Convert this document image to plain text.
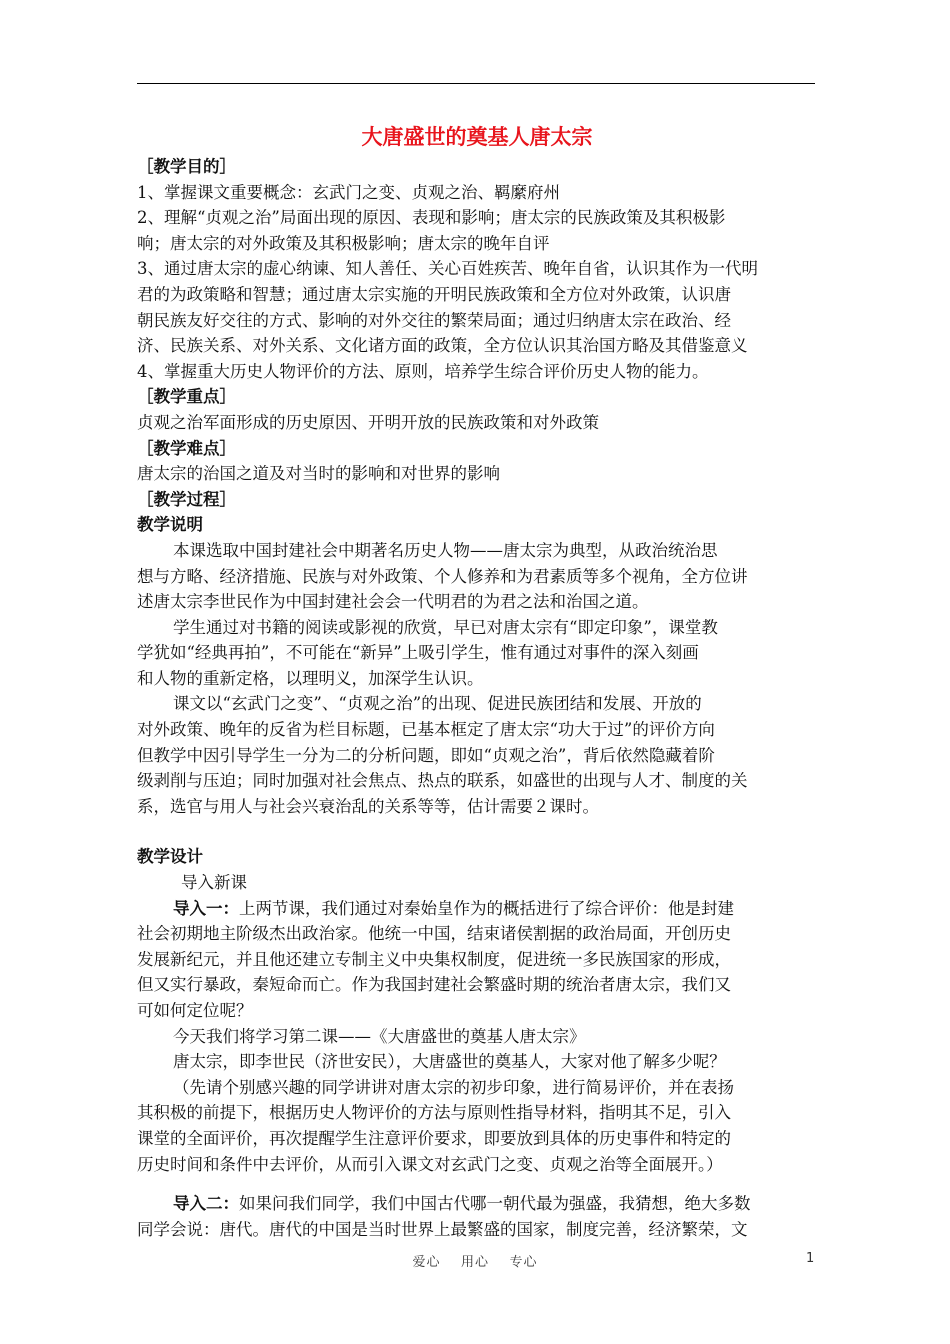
大唐盛世的奠基人唐太宗
［教学目的］
1、掌握课文重要概念：玄武门之变、贞观之治、羁縻府州
2、理解“贞观之治”局面出现的原因、表现和影响；唐太宗的民族政策及其积极影
响；唐太宗的对外政策及其积极影响；唐太宗的晚年自评
3、通过唐太宗的虚心纳谏、知人善任、关心百姓疾苦、晚年自省，认识其作为一代明
君的为政策略和智慧；通过唐太宗实施的开明民族政策和全方位对外政策，认识唐
朝民族友好交往的方式、影响的对外交往的繁荣局面；通过归纳唐太宗在政治、经
济、民族关系、对外关系、文化诸方面的政策，全方位认识其治国方略及其借鉴意义
4、掌握重大历史人物评价的方法、原则，培养学生综合评价历史人物的能力。
［教学重点］
贞观之治军面形成的历史原因、开明开放的民族政策和对外政策
［教学难点］
唐太宗的治国之道及对当时的影响和对世界的影响
［教学过程］
教学说明
本课选取中国封建社会中期著名历史人物——唐太宗为典型，从政治统治思
想与方略、经济措施、民族与对外政策、个人修养和为君素质等多个视角，全方位讲
述唐太宗李世民作为中国封建社会会一代明君的为君之法和治国之道。
学生通过对书籍的阅读或影视的欣赏，早已对唐太宗有“即定印象”，课堂教
学犹如“经典再拍”，不可能在“新异”上吸引学生，惟有通过对事件的深入刻画
和人物的重新定格，以理明义，加深学生认识。
课文以“玄武门之变”、“贞观之治”的出现、促进民族团结和发展、开放的
对外政策、晚年的反省为栏目标题，已基本框定了唐太宗“功大于过”的评价方向
但教学中因引导学生一分为二的分析问题，即如“贞观之治”，背后依然隐藏着阶
级剥削与压迫；同时加强对社会焦点、热点的联系，如盛世的出现与人才、制度的关
系，选官与用人与社会兴衰治乱的关系等等，估计需要２课时。
教学设计
导入新课
导入一：上两节课，我们通过对秦始皇作为的概括进行了综合评价：他是封建
社会初期地主阶级杰出政治家。他统一中国，结束诸侯割据的政治局面，开创历史
发展新纪元，并且他还建立专制主义中央集权制度，促进统一多民族国家的形成，
但又实行暴政，秦短命而亡。作为我国封建社会繁盛时期的统治者唐太宗，我们又
可如何定位呢？
今天我们将学习第二课——《大唐盛世的奠基人唐太宗》
唐太宗，即李世民（济世安民），大唐盛世的奠基人，大家对他了解多少呢？
（先请个别感兴趣的同学讲讲对唐太宗的初步印象，进行简易评价，并在表扬
其积极的前提下，根据历史人物评价的方法与原则性指导材料，指明其不足，引入
课堂的全面评价，再次提醒学生注意评价要求，即要放到具体的历史事件和特定的
历史时间和条件中去评价，从而引入课文对玄武门之变、贞观之治等全面展开。）
导入二：如果问我们同学，我们中国古代哪一朝代最为强盛，我猜想，绝大多数
同学会说：唐代。唐代的中国是当时世界上最繁盛的国家，制度完善，经济繁荣，文
爱心    用心    专心	1
